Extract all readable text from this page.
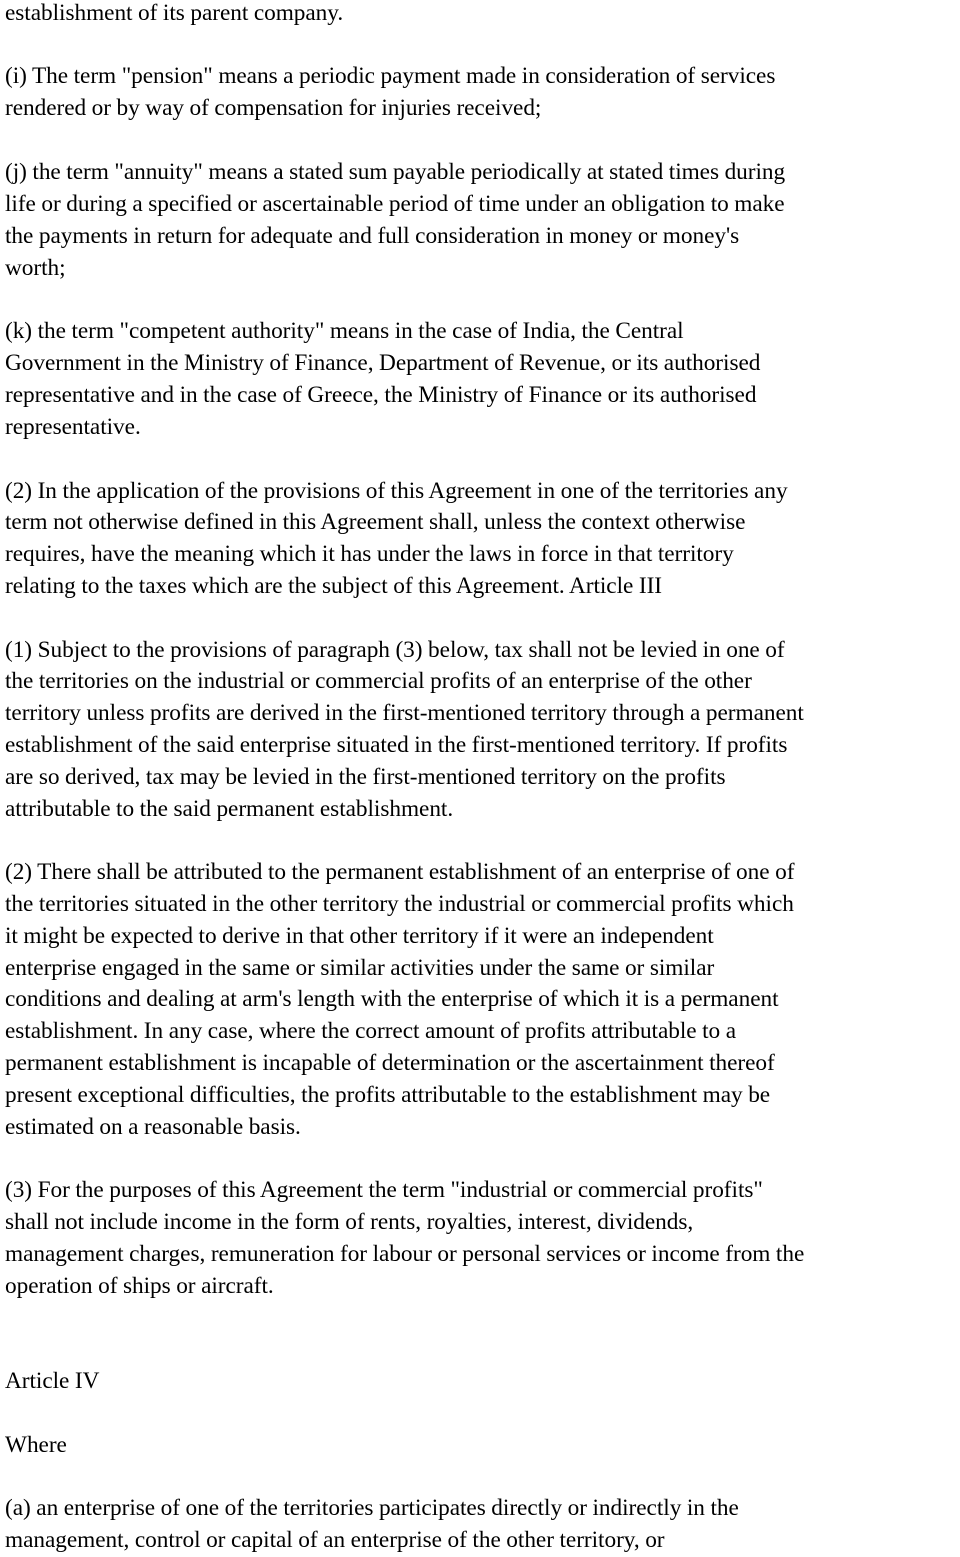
establishment of its parent company.
(i) The term "pension" means a periodic payment made in consideration of services
rendered or by way of compensation for injuries received;
(j) the term "annuity" means a stated sum payable periodically at stated times during
life or during a specified or ascertainable period of time under an obligation to make
the payments in return for adequate and full consideration in money or money's
worth;
(k) the term "competent authority" means in the case of India, the Central
Government in the Ministry of Finance, Department of Revenue, or its authorised
representative and in the case of Greece, the Ministry of Finance or its authorised
representative.
(2) In the application of the provisions of this Agreement in one of the territories any
term not otherwise defined in this Agreement shall, unless the context otherwise
requires, have the meaning which it has under the laws in force in that territory
relating to the taxes which are the subject of this Agreement. Article III
(1) Subject to the provisions of paragraph (3) below, tax shall not be levied in one of
the territories on the industrial or commercial profits of an enterprise of the other
territory unless profits are derived in the first-mentioned territory through a permanent
establishment of the said enterprise situated in the first-mentioned territory. If profits
are so derived, tax may be levied in the first-mentioned territory on the profits
attributable to the said permanent establishment.
(2) There shall be attributed to the permanent establishment of an enterprise of one of
the territories situated in the other territory the industrial or commercial profits which
it might be expected to derive in that other territory if it were an independent
enterprise engaged in the same or similar activities under the same or similar
conditions and dealing at arm's length with the enterprise of which it is a permanent
establishment. In any case, where the correct amount of profits attributable to a
permanent establishment is incapable of determination or the ascertainment thereof
present exceptional difficulties, the profits attributable to the establishment may be
estimated on a reasonable basis.
(3) For the purposes of this Agreement the term "industrial or commercial profits"
shall not include income in the form of rents, royalties, interest, dividends,
management charges, remuneration for labour or personal services or income from the
operation of ships or aircraft.
Article IV
Where
(a) an enterprise of one of the territories participates directly or indirectly in the
management, control or capital of an enterprise of the other territory, or
